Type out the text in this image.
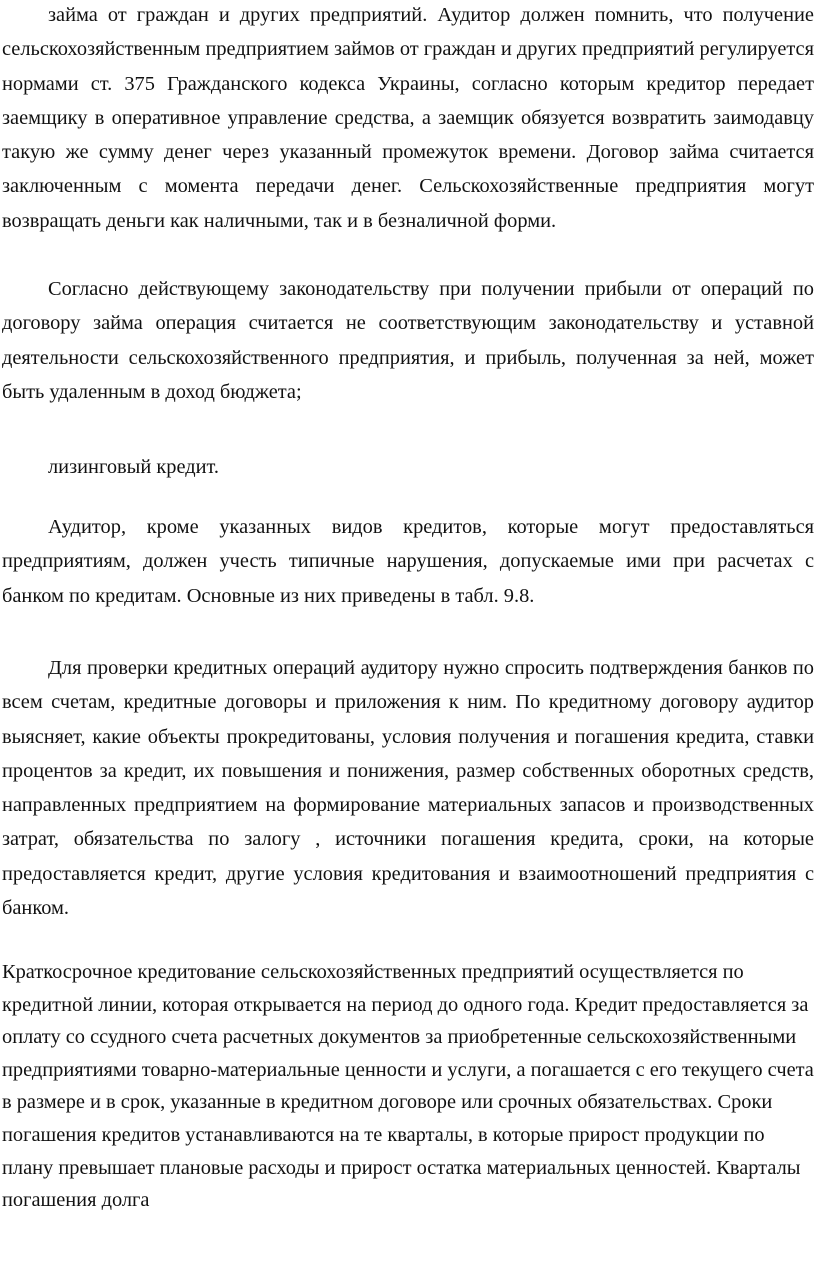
займа от граждан и других предприятий. Аудитор должен помнить, что получение сельскохозяйственным предприятием займов от граждан и других предприятий регулируется нормами ст. 375 Гражданского кодекса Украины, согласно которым кредитор передает заемщику в оперативное управление средства, а заемщик обязуется возвратить заимодавцу такую же сумму денег через указанный промежуток времени. Договор займа считается заключенным с момента передачи денег. Сельскохозяйственные предприятия могут возвращать деньги как наличными, так и в безналичной форми.

Согласно действующему законодательству при получении прибыли от операций по договору займа операция считается не соответствующим законодательству и уставной деятельности сельскохозяйственного предприятия, и прибыль, полученная за ней, может быть удаленным в доход бюджета;

лизинговый кредит.

Аудитор, кроме указанных видов кредитов, которые могут предоставляться предприятиям, должен учесть типичные нарушения, допускаемые ими при расчетах с банком по кредитам. Основные из них приведены в табл. 9.8.

Для проверки кредитных операций аудитору нужно спросить подтверждения банков по всем счетам, кредитные договоры и приложения к ним. По кредитному договору аудитор выясняет, какие объекты прокредитованы, условия получения и погашения кредита, ставки процентов за кредит, их повышения и понижения, размер собственных оборотных средств, направленных предприятием на формирование материальных запасов и производственных затрат, обязательства по залогу , источники погашения кредита, сроки, на которые предоставляется кредит, другие условия кредитования и взаимоотношений предприятия с банком.

Краткосрочное кредитование сельскохозяйственных предприятий осуществляется по кредитной линии, которая открывается на период до одного года. Кредит предоставляется за оплату со ссудного счета расчетных документов за приобретенные сельскохозяйственными предприятиями товарно-материальные ценности и услуги, а погашается с его текущего счета в размере и в срок, указанные в кредитном договоре или срочных обязательствах. Сроки погашения кредитов устанавливаются на те кварталы, в которые прирост продукции по плану превышает плановые расходы и прирост остатка материальных ценностей. Кварталы погашения долга
